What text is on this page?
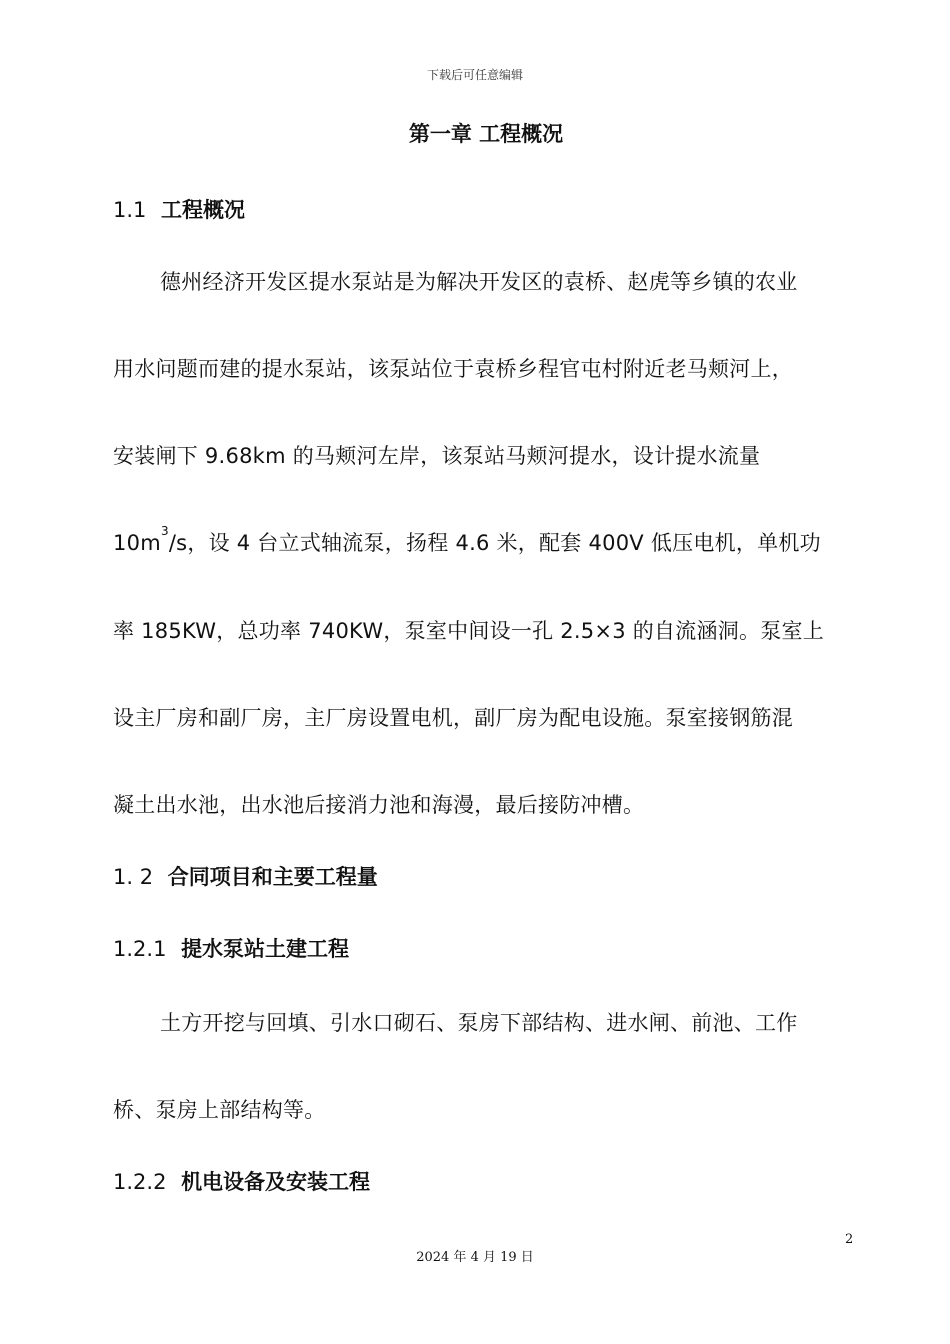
下载后可任意编辑
第一章 工程概况
1.1 工程概况
德州经济开发区提水泵站是为解决开发区的袁桥、赵虎等乡镇的农业
用水问题而建的提水泵站，该泵站位于袁桥乡程官屯村附近老马颊河上，
安装闸下 9.68km 的马颊河左岸，该泵站马颊河提水，设计提水流量
$10m^3/s$，设 4 台立式轴流泵，扬程 4.6 米，配套 400V 低压电机，单机功
率 185KW，总功率 740KW，泵室中间设一孔 2.5×3 的自流涵洞。泵室上
设主厂房和副厂房，主厂房设置电机，副厂房为配电设施。泵室接钢筋混
凝土出水池，出水池后接消力池和海漫，最后接防冲槽。
1. 2 合同项目和主要工程量
1.2.1 提水泵站土建工程
土方开挖与回填、引水口砌石、泵房下部结构、进水闸、前池、工作
桥、泵房上部结构等。
1.2.2 机电设备及安装工程
2
2024 年 4 月 19 日
